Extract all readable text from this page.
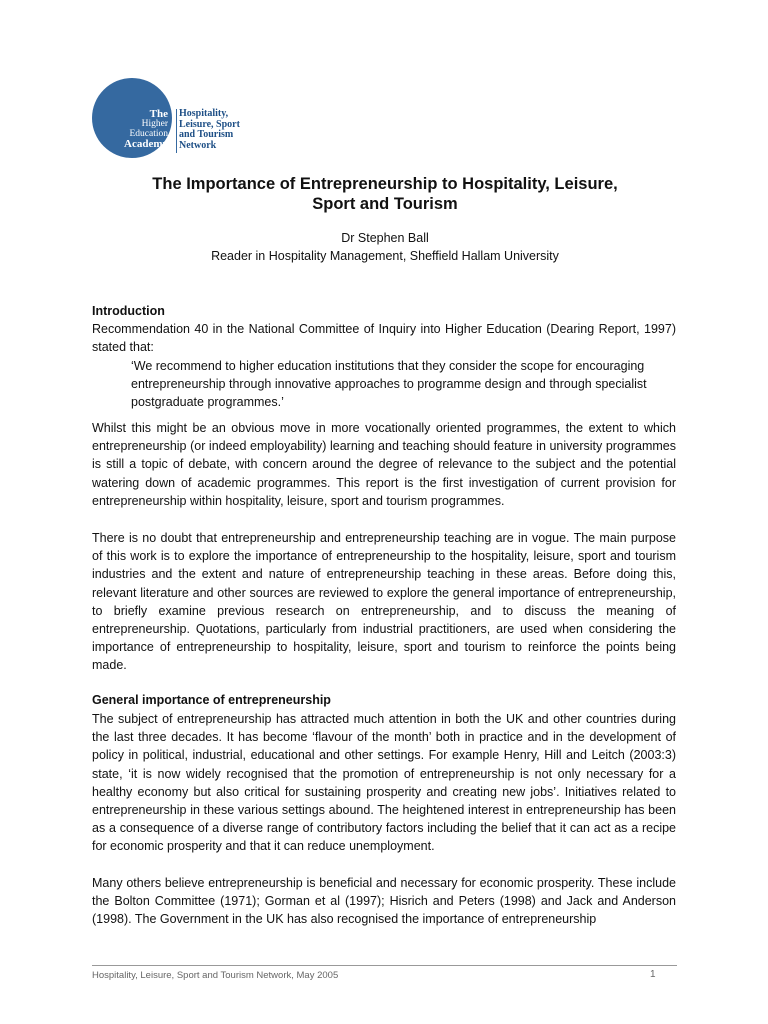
The
Higher
Education
Academy
Hospitality,
Leisure, Sport
and Tourism
Network
The Importance of Entrepreneurship to Hospitality, Leisure,
Sport and Tourism
Dr Stephen Ball
Reader in Hospitality Management, Sheffield Hallam University
Introduction
Recommendation 40 in the National Committee of Inquiry into Higher Education (Dearing Report, 1997) stated that:
‘We recommend to higher education institutions that they consider the scope for encouraging entrepreneurship through innovative approaches to programme design and through specialist postgraduate programmes.’
Whilst this might be an obvious move in more vocationally oriented programmes, the extent to which entrepreneurship (or indeed employability) learning and teaching should feature in university programmes is still a topic of debate, with concern around the degree of relevance to the subject and the potential watering down of academic programmes. This report is the first investigation of current provision for entrepreneurship within hospitality, leisure, sport and tourism programmes.
There is no doubt that entrepreneurship and entrepreneurship teaching are in vogue. The main purpose of this work is to explore the importance of entrepreneurship to the hospitality, leisure, sport and tourism industries and the extent and nature of entrepreneurship teaching in these areas. Before doing this, relevant literature and other sources are reviewed to explore the general importance of entrepreneurship, to briefly examine previous research on entrepreneurship, and to discuss the meaning of entrepreneurship. Quotations, particularly from industrial practitioners, are used when considering the importance of entrepreneurship to hospitality, leisure, sport and tourism to reinforce the points being made.
General importance of entrepreneurship
The subject of entrepreneurship has attracted much attention in both the UK and other countries during the last three decades. It has become ‘flavour of the month’ both in practice and in the development of policy in political, industrial, educational and other settings. For example Henry, Hill and Leitch (2003:3) state, ‘it is now widely recognised that the promotion of entrepreneurship is not only necessary for a healthy economy but also critical for sustaining prosperity and creating new jobs’. Initiatives related to entrepreneurship in these various settings abound. The heightened interest in entrepreneurship has been as a consequence of a diverse range of contributory factors including the belief that it can act as a recipe for economic prosperity and that it can reduce unemployment.
Many others believe entrepreneurship is beneficial and necessary for economic prosperity. These include the Bolton Committee (1971); Gorman et al (1997); Hisrich and Peters (1998) and Jack and Anderson (1998). The Government in the UK has also recognised the importance of entrepreneurship
Hospitality, Leisure, Sport and Tourism Network, May 2005	1
